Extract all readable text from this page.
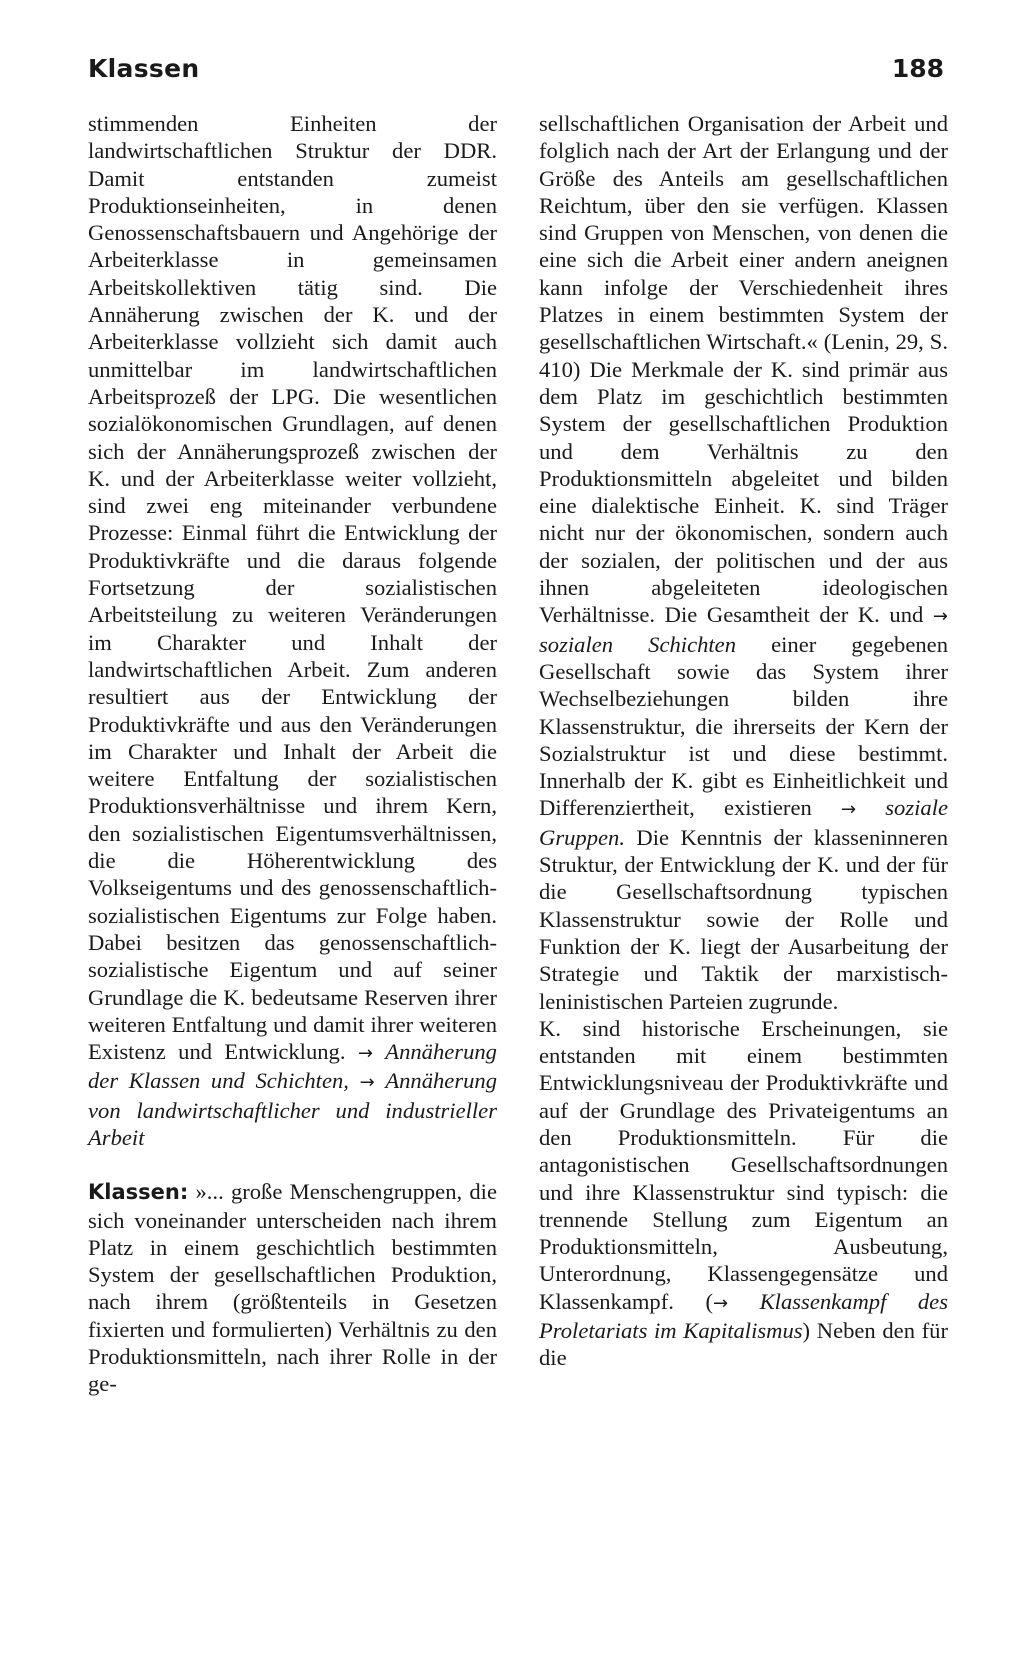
Klassen	188

stimmenden Einheiten der landwirtschaftlichen Struktur der DDR. Damit entstanden zumeist Produktionseinheiten, in denen Genossenschaftsbauern und Angehörige der Arbeiterklasse in gemeinsamen Arbeitskollektiven tätig sind. Die Annäherung zwischen der K. und der Arbeiterklasse vollzieht sich damit auch unmittelbar im landwirtschaftlichen Arbeitsprozeß der LPG. Die wesentlichen sozialökonomischen Grundlagen, auf denen sich der Annäherungsprozeß zwischen der K. und der Arbeiterklasse weiter vollzieht, sind zwei eng miteinander verbundene Prozesse: Einmal führt die Entwicklung der Produktivkräfte und die daraus folgende Fortsetzung der sozialistischen Arbeitsteilung zu weiteren Veränderungen im Charakter und Inhalt der landwirtschaftlichen Arbeit. Zum anderen resultiert aus der Entwicklung der Produktivkräfte und aus den Veränderungen im Charakter und Inhalt der Arbeit die weitere Entfaltung der sozialistischen Produktionsverhältnisse und ihrem Kern, den sozialistischen Eigentumsverhältnissen, die die Höherentwicklung des Volkseigentums und des genossenschaftlich-sozialistischen Eigentums zur Folge haben. Dabei besitzen das genossenschaftlich-sozialistische Eigentum und auf seiner Grundlage die K. bedeutsame Reserven ihrer weiteren Entfaltung und damit ihrer weiteren Existenz und Entwicklung. → Annäherung der Klassen und Schichten, → Annäherung von landwirtschaftlicher und industrieller Arbeit

Klassen: »... große Menschengruppen, die sich voneinander unterscheiden nach ihrem Platz in einem geschichtlich bestimmten System der gesellschaftlichen Produktion, nach ihrem (größtenteils in Gesetzen fixierten und formulierten) Verhältnis zu den Produktionsmitteln, nach ihrer Rolle in der ge-

sellschaftlichen Organisation der Arbeit und folglich nach der Art der Erlangung und der Größe des Anteils am gesellschaftlichen Reichtum, über den sie verfügen. Klassen sind Gruppen von Menschen, von denen die eine sich die Arbeit einer andern aneignen kann infolge der Verschiedenheit ihres Platzes in einem bestimmten System der gesellschaftlichen Wirtschaft.« (Lenin, 29, S. 410) Die Merkmale der K. sind primär aus dem Platz im geschichtlich bestimmten System der gesellschaftlichen Produktion und dem Verhältnis zu den Produktionsmitteln abgeleitet und bilden eine dialektische Einheit. K. sind Träger nicht nur der ökonomischen, sondern auch der sozialen, der politischen und der aus ihnen abgeleiteten ideologischen Verhältnisse. Die Gesamtheit der K. und → sozialen Schichten einer gegebenen Gesellschaft sowie das System ihrer Wechselbeziehungen bilden ihre Klassenstruktur, die ihrerseits der Kern der Sozialstruktur ist und diese bestimmt. Innerhalb der K. gibt es Einheitlichkeit und Differenziertheit, existieren → soziale Gruppen. Die Kenntnis der klasseninneren Struktur, der Entwicklung der K. und der für die Gesellschaftsordnung typischen Klassenstruktur sowie der Rolle und Funktion der K. liegt der Ausarbeitung der Strategie und Taktik der marxistisch-leninistischen Parteien zugrunde.

K. sind historische Erscheinungen, sie entstanden mit einem bestimmten Entwicklungsniveau der Produktivkräfte und auf der Grundlage des Privateigentums an den Produktionsmitteln. Für die antagonistischen Gesellschaftsordnungen und ihre Klassenstruktur sind typisch: die trennende Stellung zum Eigentum an Produktionsmitteln, Ausbeutung, Unterordnung, Klassengegensätze und Klassenkampf. (→ Klassenkampf des Proletariats im Kapitalismus) Neben den für die
